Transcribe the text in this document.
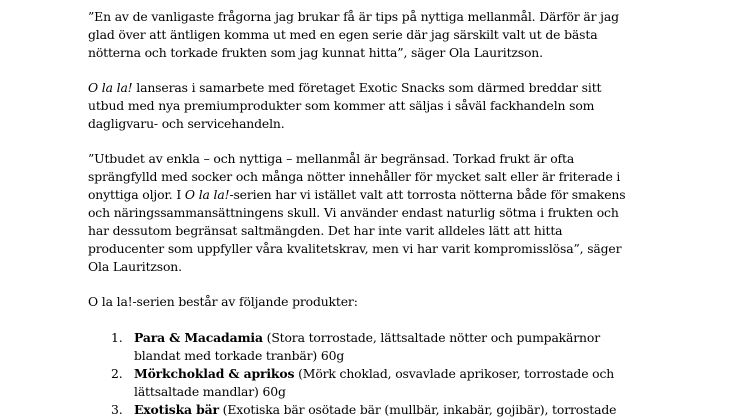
”En av de vanligaste frågorna jag brukar få är tips på nyttiga mellanmål. Därför är jag
glad över att äntligen komma ut med en egen serie där jag särskilt valt ut de bästa
nötterna och torkade frukten som jag kunnat hitta”, säger Ola Lauritzson.
O la la! lanseras i samarbete med företaget Exotic Snacks som därmed breddar sitt
utbud med nya premiumprodukter som kommer att säljas i såväl fackhandeln som
dagligvaru- och servicehandeln.
”Utbudet av enkla – och nyttiga – mellanmål är begränsad. Torkad frukt är ofta
sprängfylld med socker och många nötter innehåller för mycket salt eller är friterade i
onyttiga oljor. I O la la!-serien har vi istället valt att torrosta nötterna både för smakens
och näringssammansättningens skull. Vi använder endast naturlig sötma i frukten och
har dessutom begränsat saltmängden. Det har inte varit alldeles lätt att hitta
producenter som uppfyller våra kvalitetskrav, men vi har varit kompromisslösa”, säger
Ola Lauritzson.
O la la!-serien består av följande produkter:
1. Para & Macadamia (Stora torrostade, lättsaltade nötter och pumpakärnor
blandat med torkade tranbär) 60g
2. Mörkchoklad & aprikos (Mörk choklad, osvavlade aprikoser, torrostade och
lättsaltade mandlar) 60g
3. Exotiska bär (Exotiska bär osötade bär (mullbär, inkabär, gojibär), torrostade
